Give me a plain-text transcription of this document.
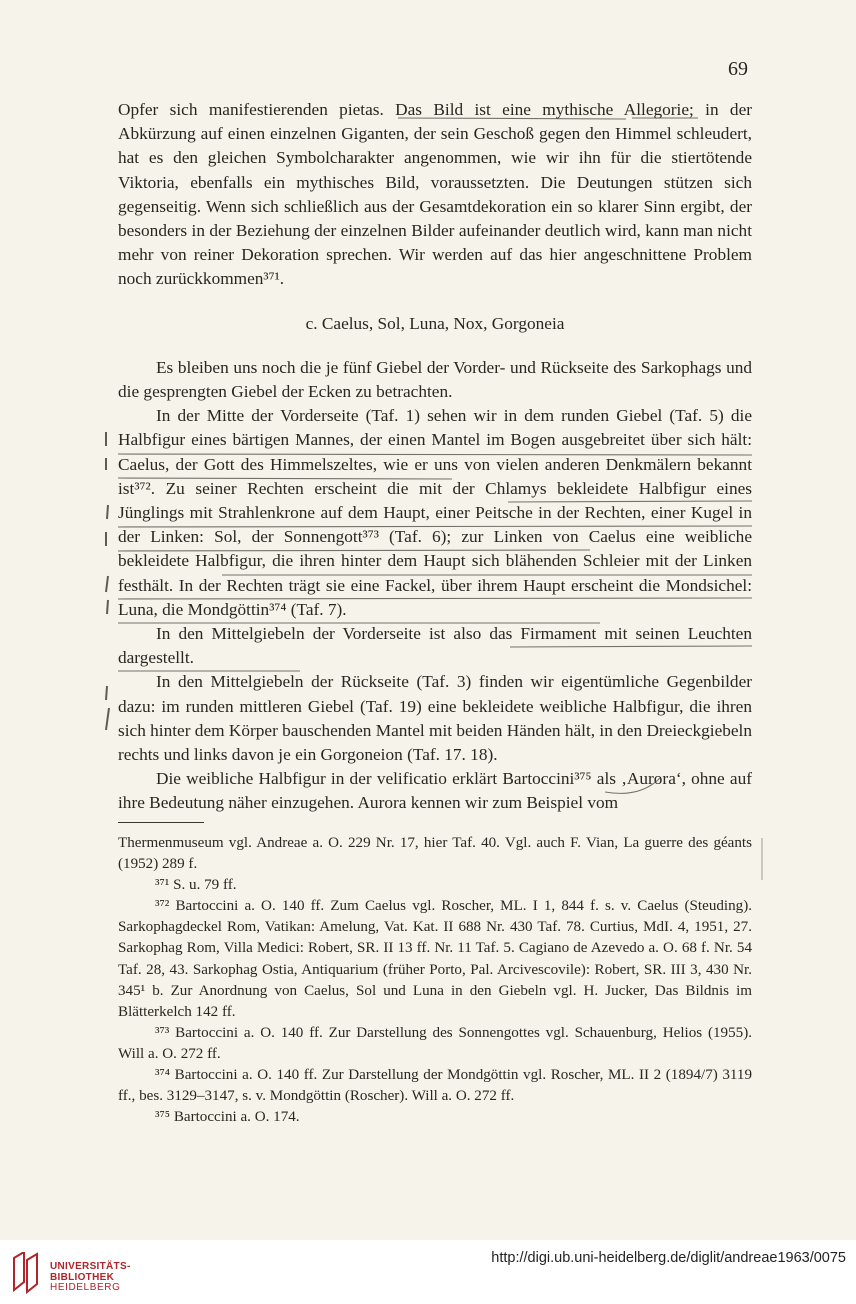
69

Opfer sich manifestierenden pietas. Das Bild ist eine mythische Allegorie; in der Abkürzung auf einen einzelnen Giganten, der sein Geschoß gegen den Himmel schleudert, hat es den gleichen Symbolcharakter angenommen, wie wir ihn für die stiertötende Viktoria, ebenfalls ein mythisches Bild, voraussetzten. Die Deutungen stützen sich gegenseitig. Wenn sich schließlich aus der Gesamtdekoration ein so klarer Sinn ergibt, der besonders in der Beziehung der einzelnen Bilder aufeinander deutlich wird, kann man nicht mehr von reiner Dekoration sprechen. Wir werden auf das hier angeschnittene Problem noch zurückkommen³⁷¹.

c. Caelus, Sol, Luna, Nox, Gorgoneia

Es bleiben uns noch die je fünf Giebel der Vorder- und Rückseite des Sarkophags und die gesprengten Giebel der Ecken zu betrachten.

In der Mitte der Vorderseite (Taf. 1) sehen wir in dem runden Giebel (Taf. 5) die Halbfigur eines bärtigen Mannes, der einen Mantel im Bogen ausgebreitet über sich hält: Caelus, der Gott des Himmelszeltes, wie er uns von vielen anderen Denkmälern bekannt ist³⁷². Zu seiner Rechten erscheint die mit der Chlamys bekleidete Halbfigur eines Jünglings mit Strahlenkrone auf dem Haupt, einer Peitsche in der Rechten, einer Kugel in der Linken: Sol, der Sonnengott³⁷³ (Taf. 6); zur Linken von Caelus eine weibliche bekleidete Halbfigur, die ihren hinter dem Haupt sich blähenden Schleier mit der Linken festhält. In der Rechten trägt sie eine Fackel, über ihrem Haupt erscheint die Mondsichel: Luna, die Mondgöttin³⁷⁴ (Taf. 7).

In den Mittelgiebeln der Vorderseite ist also das Firmament mit seinen Leuchten dargestellt.

In den Mittelgiebeln der Rückseite (Taf. 3) finden wir eigentümliche Gegenbilder dazu: im runden mittleren Giebel (Taf. 19) eine bekleidete weibliche Halbfigur, die ihren sich hinter dem Körper bauschenden Mantel mit beiden Händen hält, in den Dreieckgiebeln rechts und links davon je ein Gorgoneion (Taf. 17. 18).

Die weibliche Halbfigur in der velificatio erklärt Bartoccini³⁷⁵ als ‚Aurora‘, ohne auf ihre Bedeutung näher einzugehen. Aurora kennen wir zum Beispiel vom

Thermenmuseum vgl. Andreae a. O. 229 Nr. 17, hier Taf. 40. Vgl. auch F. Vian, La guerre des géants (1952) 289 f.

³⁷¹ S. u. 79 ff.

³⁷² Bartoccini a. O. 140 ff. Zum Caelus vgl. Roscher, ML. I 1, 844 f. s. v. Caelus (Steuding). Sarkophagdeckel Rom, Vatikan: Amelung, Vat. Kat. II 688 Nr. 430 Taf. 78. Curtius, MdI. 4, 1951, 27. Sarkophag Rom, Villa Medici: Robert, SR. II 13 ff. Nr. 11 Taf. 5. Cagiano de Azevedo a. O. 68 f. Nr. 54 Taf. 28, 43. Sarkophag Ostia, Antiquarium (früher Porto, Pal. Arcivescovile): Robert, SR. III 3, 430 Nr. 345¹ b. Zur Anordnung von Caelus, Sol und Luna in den Giebeln vgl. H. Jucker, Das Bildnis im Blätterkelch 142 ff.

³⁷³ Bartoccini a. O. 140 ff. Zur Darstellung des Sonnengottes vgl. Schauenburg, Helios (1955). Will a. O. 272 ff.

³⁷⁴ Bartoccini a. O. 140 ff. Zur Darstellung der Mondgöttin vgl. Roscher, ML. II 2 (1894/7) 3119 ff., bes. 3129–3147, s. v. Mondgöttin (Roscher). Will a. O. 272 ff.

³⁷⁵ Bartoccini a. O. 174.

UNIVERSITÄTS-
BIBLIOTHEK
HEIDELBERG
http://digi.ub.uni-heidelberg.de/diglit/andreae1963/0075
